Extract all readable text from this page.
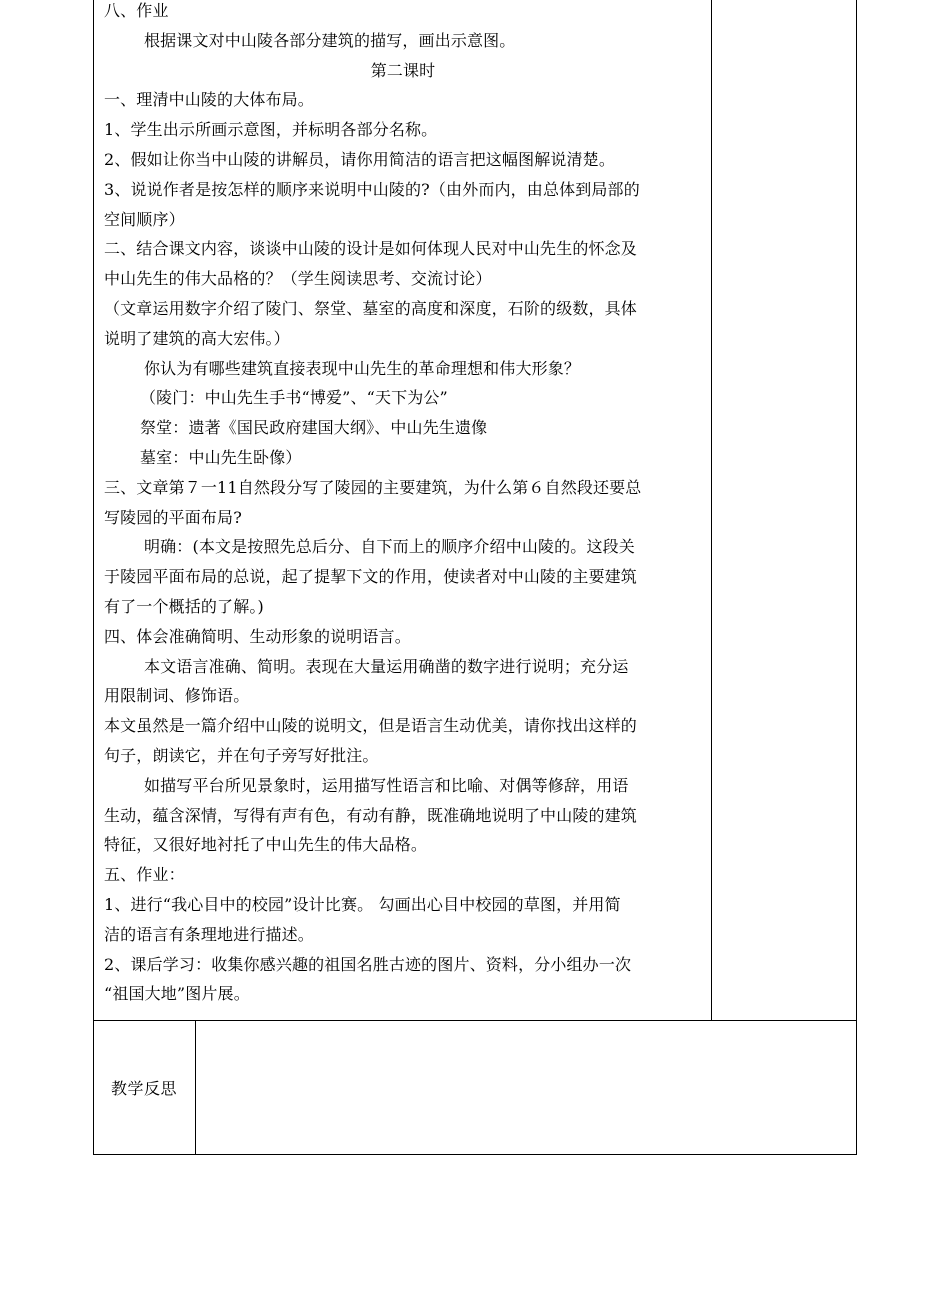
八、作业
根据课文对中山陵各部分建筑的描写，画出示意图。
第二课时
一、理清中山陵的大体布局。
1、学生出示所画示意图，并标明各部分名称。
2、假如让你当中山陵的讲解员，请你用简洁的语言把这幅图解说清楚。
3、说说作者是按怎样的顺序来说明中山陵的?（由外而内，由总体到局部的
空间顺序）
二、结合课文内容，谈谈中山陵的设计是如何体现人民对中山先生的怀念及
中山先生的伟大品格的？（学生阅读思考、交流讨论）
（文章运用数字介绍了陵门、祭堂、墓室的高度和深度，石阶的级数，具体
说明了建筑的高大宏伟。）
你认为有哪些建筑直接表现中山先生的革命理想和伟大形象？
（陵门：中山先生手书“博爱”、“天下为公”
祭堂：遗著《国民政府建国大纲》、中山先生遗像
墓室：中山先生卧像）
三、文章第７一11自然段分写了陵园的主要建筑，为什么第６自然段还要总
写陵园的平面布局?
明确：(本文是按照先总后分、自下而上的顺序介绍中山陵的。这段关
于陵园平面布局的总说，起了提挈下文的作用，使读者对中山陵的主要建筑
有了一个概括的了解。)
四、体会准确简明、生动形象的说明语言。
本文语言准确、简明。表现在大量运用确凿的数字进行说明；充分运
用限制词、修饰语。
本文虽然是一篇介绍中山陵的说明文，但是语言生动优美，请你找出这样的
句子，朗读它，并在句子旁写好批注。
如描写平台所见景象时，运用描写性语言和比喻、对偶等修辞，用语
生动，蕴含深情，写得有声有色，有动有静，既准确地说明了中山陵的建筑
特征，又很好地衬托了中山先生的伟大品格。
五、作业：
1、进行“我心目中的校园”设计比赛。 勾画出心目中校园的草图，并用简
洁的语言有条理地进行描述。
2、课后学习：收集你感兴趣的祖国名胜古迹的图片、资料，分小组办一次
“祖国大地”图片展。
教学反思
